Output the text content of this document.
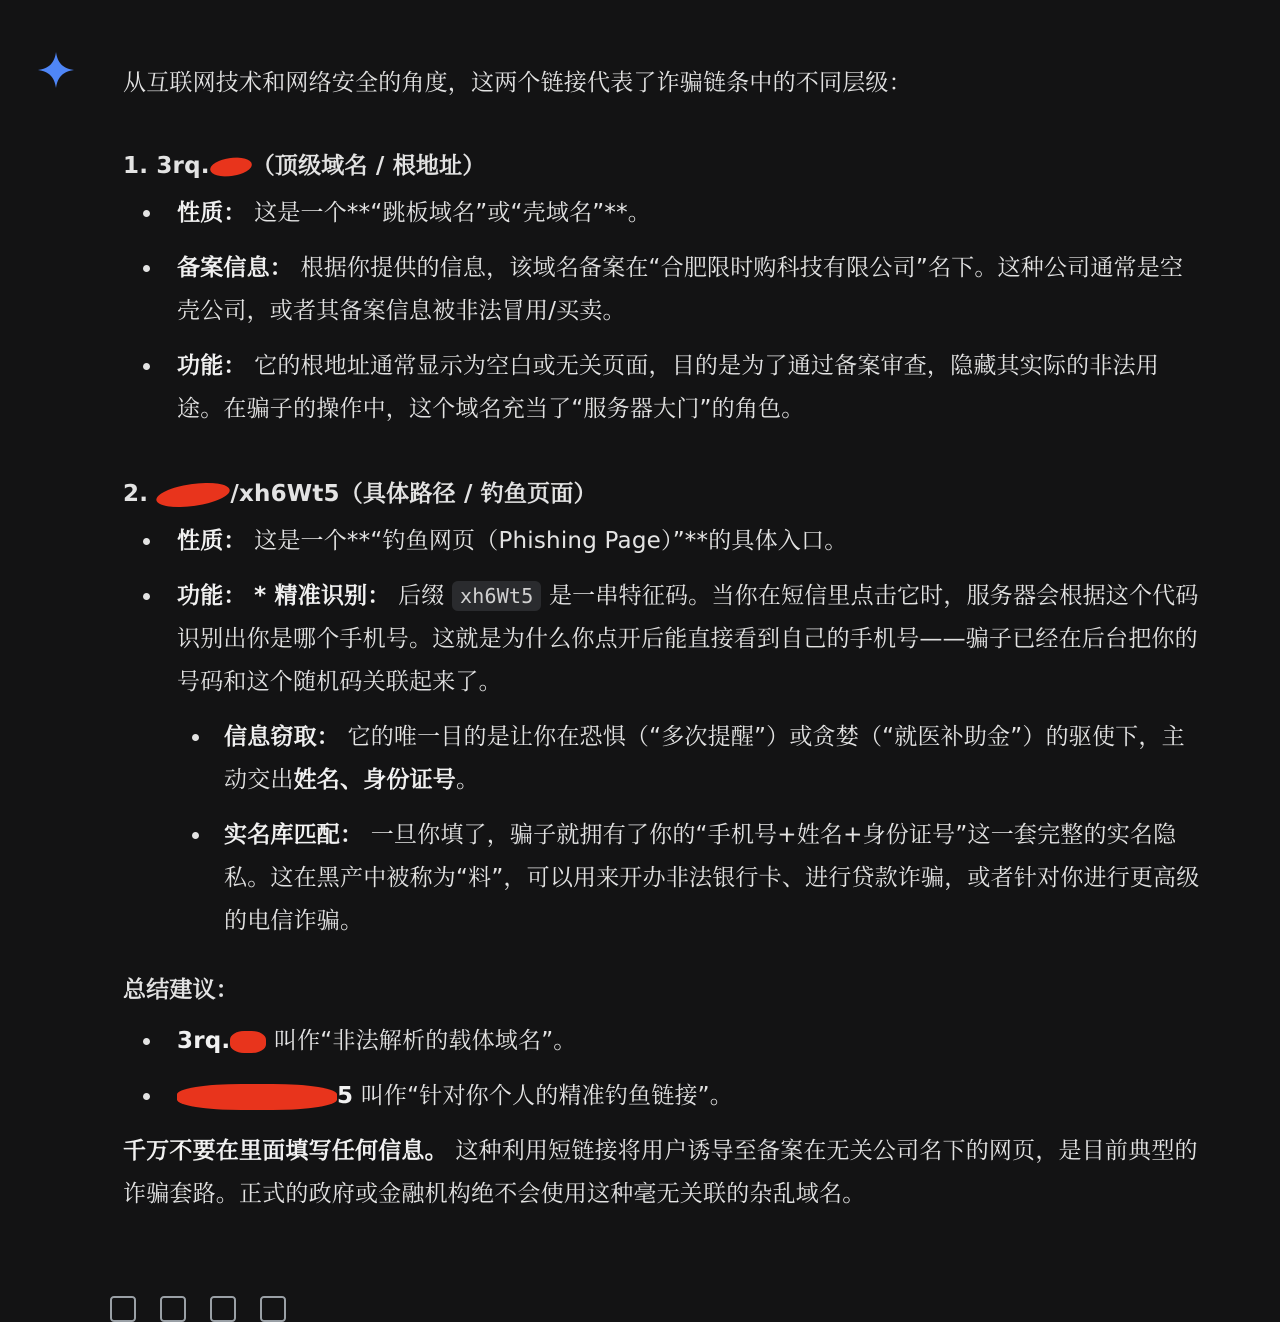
从互联网技术和网络安全的角度，这两个链接代表了诈骗链条中的不同层级：

1. 3rq. （顶级域名 / 根地址）

性质： 这是一个**“跳板域名”或“壳域名”**。
备案信息： 根据你提供的信息，该域名备案在“合肥限时购科技有限公司”名下。这种公司通常是空壳公司，或者其备案信息被非法冒用/买卖。
功能： 它的根地址通常显示为空白或无关页面，目的是为了通过备案审查，隐藏其实际的非法用途。在骗子的操作中，这个域名充当了“服务器大门”的角色。

2.	/xh6Wt5（具体路径 / 钓鱼页面）

性质： 这是一个**“钓鱼网页（Phishing Page）”**的具体入口。
功能： * 精准识别： 后缀 xh6Wt5 是一串特征码。当你在短信里点击它时，服务器会根据这个代码识别出你是哪个手机号。这就是为什么你点开后能直接看到自己的手机号——骗子已经在后台把你的号码和这个随机码关联起来了。
信息窃取： 它的唯一目的是让你在恐惧（“多次提醒”）或贪婪（“就医补助金”）的驱使下，主动交出姓名、身份证号。
实名库匹配： 一旦你填了，骗子就拥有了你的“手机号+姓名+身份证号”这一套完整的实名隐私。这在黑产中被称为“料”，可以用来开办非法银行卡、进行贷款诈骗，或者针对你进行更高级的电信诈骗。

总结建议：

3rq. 叫作“非法解析的载体域名”。
5 叫作“针对你个人的精准钓鱼链接”。

千万不要在里面填写任何信息。 这种利用短链接将用户诱导至备案在无关公司名下的网页，是目前典型的诈骗套路。正式的政府或金融机构绝不会使用这种毫无关联的杂乱域名。
